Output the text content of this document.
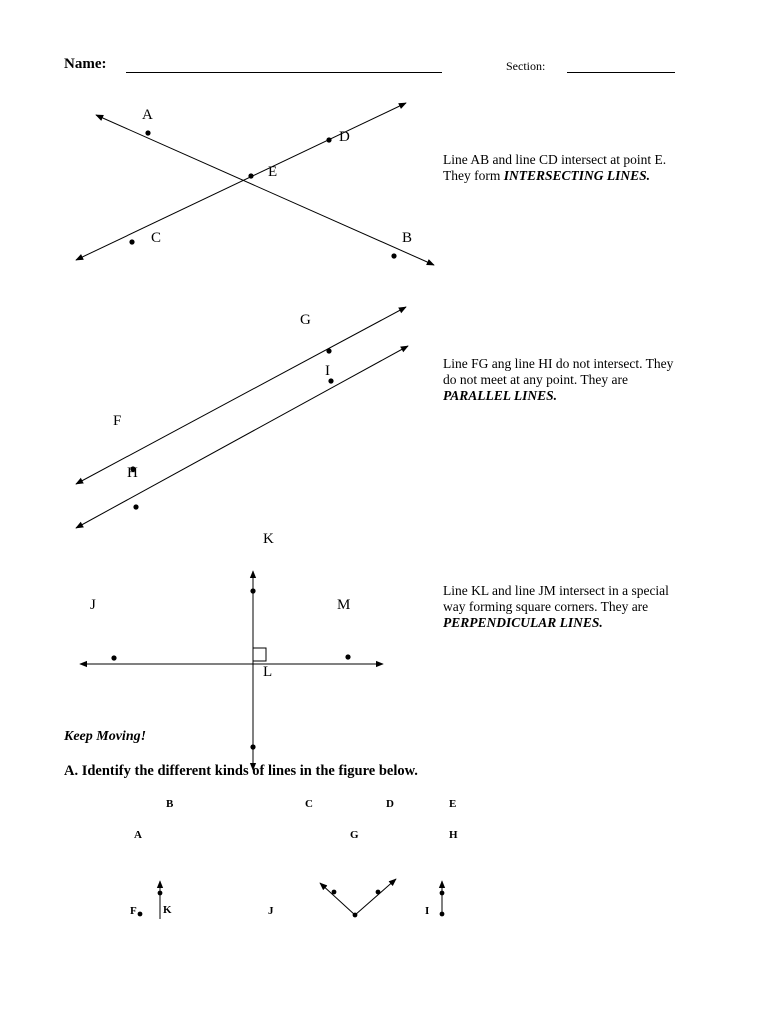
Name:	Section:
A
B
C
D
E
G
I
F
H
K
J	M
L
A
B	C	D	E
F
G	H
I
J
K
Line AB and line CD intersect at point E. They form INTERSECTING LINES.
Line FG ang line HI do not intersect. They do not meet at any point. They are PARALLEL LINES.
Line KL and line JM intersect in a special way forming square corners. They are PERPENDICULAR LINES.
Keep Moving!
A. Identify the different kinds of lines in the figure below.
